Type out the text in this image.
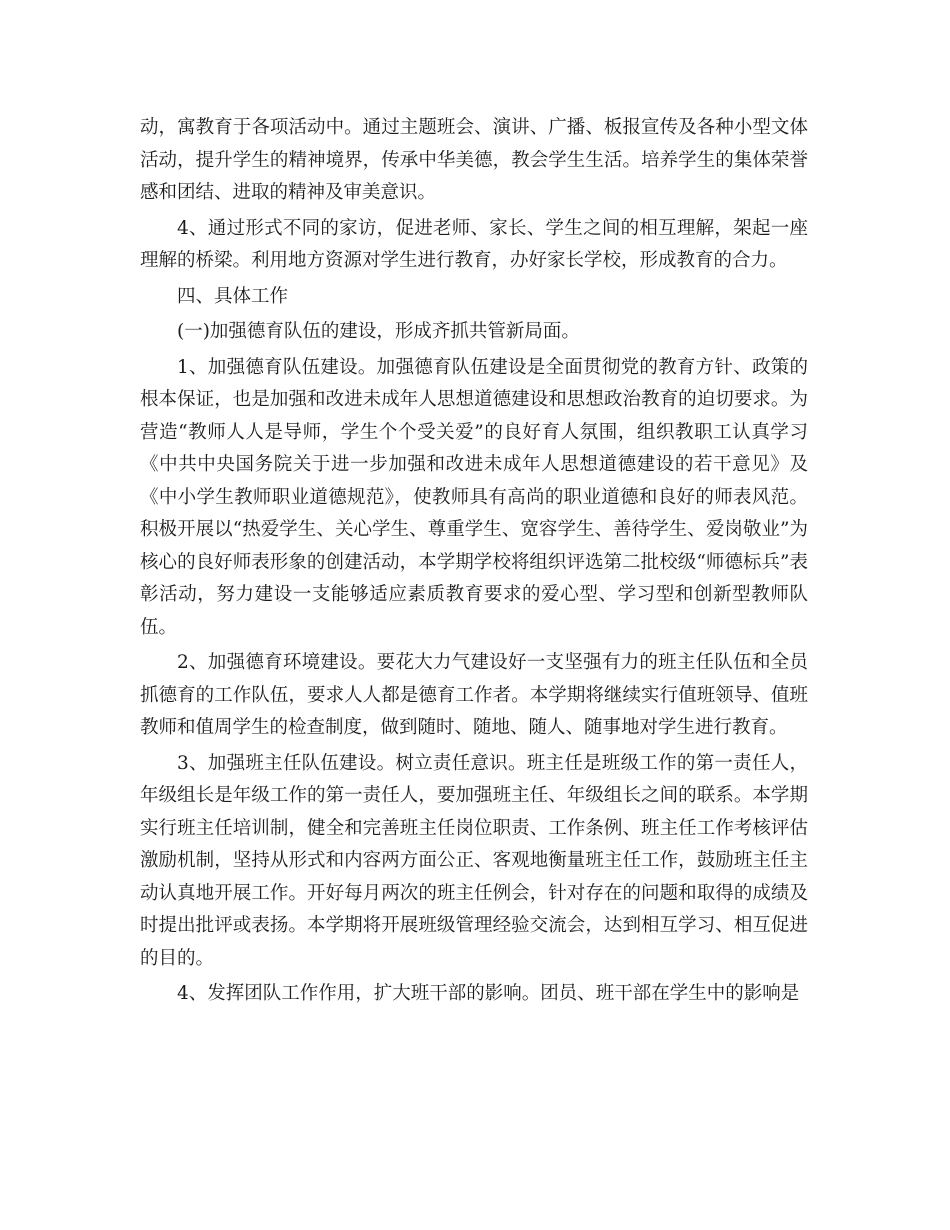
动，寓教育于各项活动中。通过主题班会、演讲、广播、板报宣传及各种小型文体活动，提升学生的精神境界，传承中华美德，教会学生生活。培养学生的集体荣誉感和团结、进取的精神及审美意识。

4、通过形式不同的家访，促进老师、家长、学生之间的相互理解，架起一座理解的桥梁。利用地方资源对学生进行教育，办好家长学校，形成教育的合力。

四、具体工作

(一)加强德育队伍的建设，形成齐抓共管新局面。

1、加强德育队伍建设。加强德育队伍建设是全面贯彻党的教育方针、政策的根本保证，也是加强和改进未成年人思想道德建设和思想政治教育的迫切要求。为营造“教师人人是导师，学生个个受关爱”的良好育人氛围，组织教职工认真学习《中共中央国务院关于进一步加强和改进未成年人思想道德建设的若干意见》及《中小学生教师职业道德规范》，使教师具有高尚的职业道德和良好的师表风范。积极开展以“热爱学生、关心学生、尊重学生、宽容学生、善待学生、爱岗敬业”为核心的良好师表形象的创建活动，本学期学校将组织评选第二批校级“师德标兵”表彰活动，努力建设一支能够适应素质教育要求的爱心型、学习型和创新型教师队伍。

2、加强德育环境建设。要花大力气建设好一支坚强有力的班主任队伍和全员抓德育的工作队伍，要求人人都是德育工作者。本学期将继续实行值班领导、值班教师和值周学生的检查制度，做到随时、随地、随人、随事地对学生进行教育。

3、加强班主任队伍建设。树立责任意识。班主任是班级工作的第一责任人，年级组长是年级工作的第一责任人，要加强班主任、年级组长之间的联系。本学期实行班主任培训制，健全和完善班主任岗位职责、工作条例、班主任工作考核评估激励机制，坚持从形式和内容两方面公正、客观地衡量班主任工作，鼓励班主任主动认真地开展工作。开好每月两次的班主任例会，针对存在的问题和取得的成绩及时提出批评或表扬。本学期将开展班级管理经验交流会，达到相互学习、相互促进的目的。

4、发挥团队工作作用，扩大班干部的影响。团员、班干部在学生中的影响是
